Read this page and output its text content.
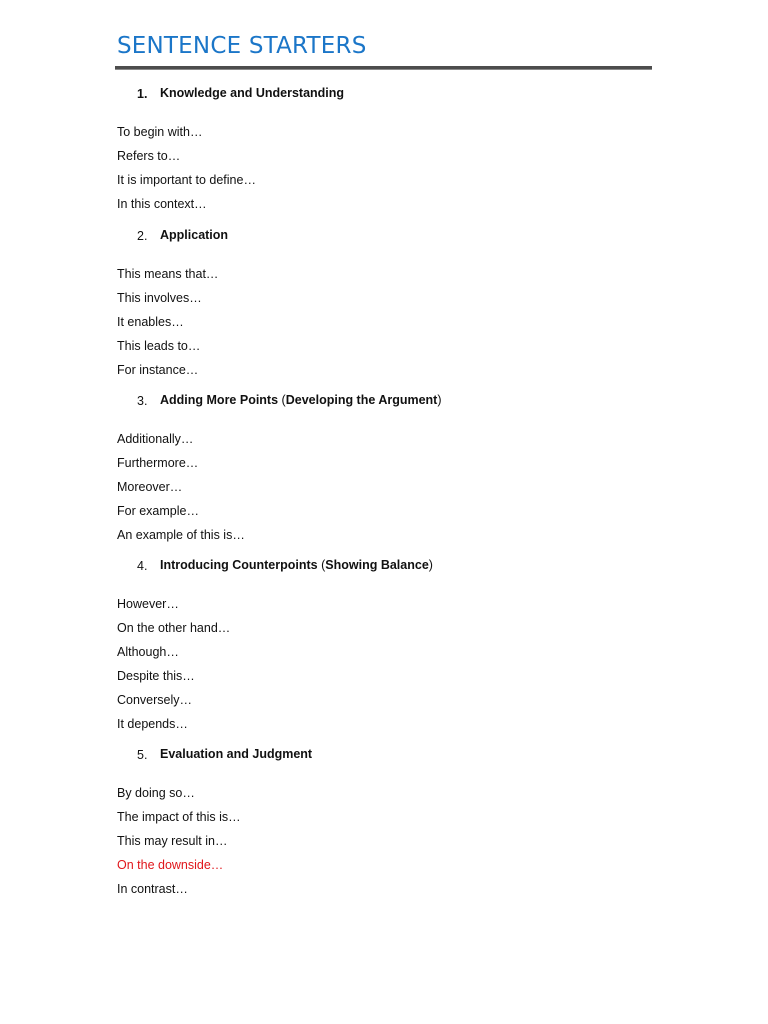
SENTENCE STARTERS
1. Knowledge and Understanding
To begin with…
Refers to…
It is important to define…
In this context…
2. Application
This means that…
This involves…
It enables…
This leads to…
For instance…
3. Adding More Points (Developing the Argument)
Additionally…
Furthermore…
Moreover…
For example…
An example of this is…
4. Introducing Counterpoints (Showing Balance)
However…
On the other hand…
Although…
Despite this…
Conversely…
It depends…
5. Evaluation and Judgment
By doing so…
The impact of this is…
This may result in…
On the downside…
In contrast…
